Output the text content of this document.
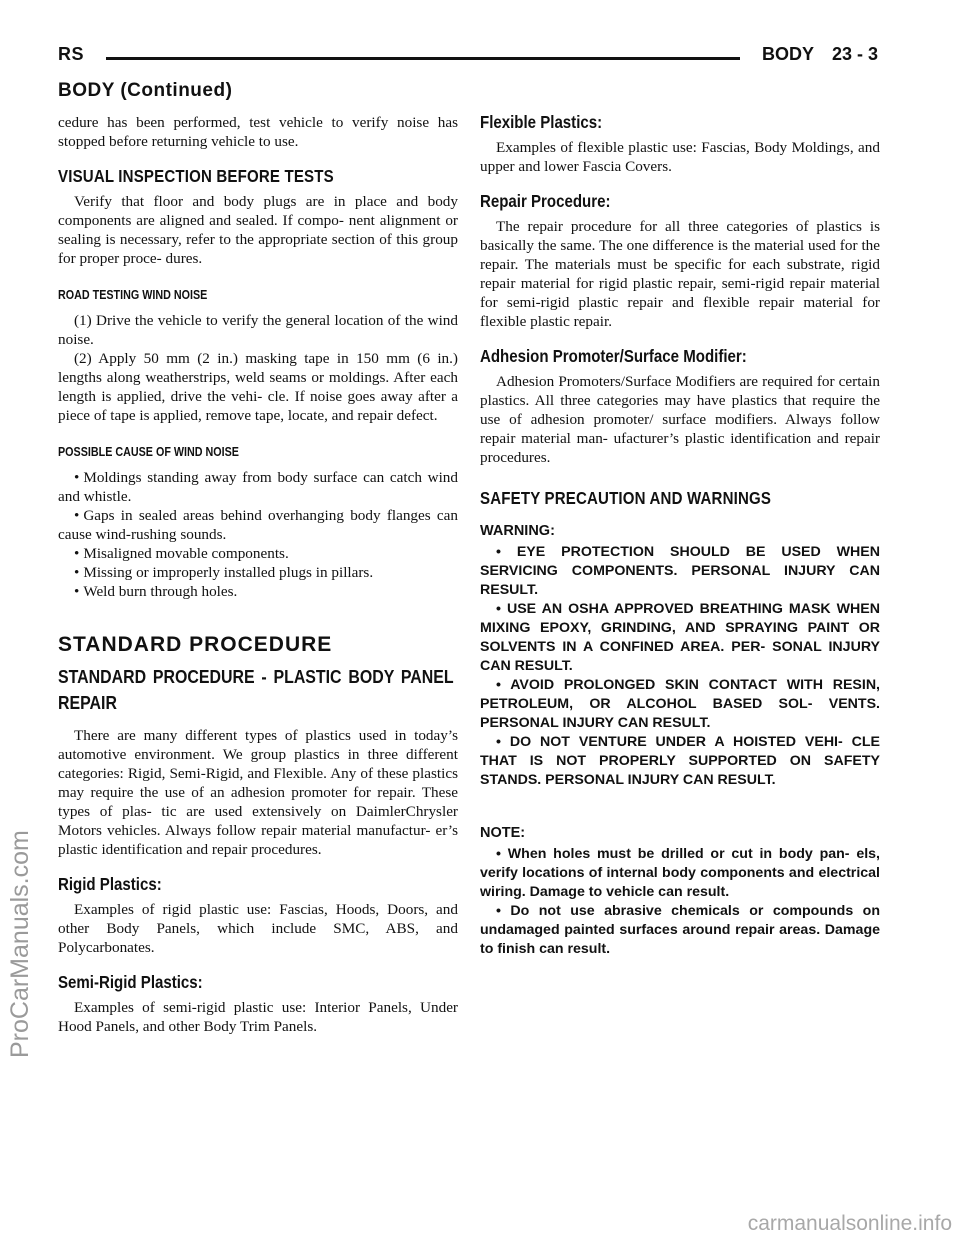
RS	BODY 23 - 3
BODY (Continued)

cedure has been performed, test vehicle to verify noise has stopped before returning vehicle to use.

VISUAL INSPECTION BEFORE TESTS

Verify that floor and body plugs are in place and body components are aligned and sealed. If compo- nent alignment or sealing is necessary, refer to the appropriate section of this group for proper proce- dures.

ROAD TESTING WIND NOISE

(1) Drive the vehicle to verify the general location of the wind noise.

(2) Apply 50 mm (2 in.) masking tape in 150 mm (6 in.) lengths along weatherstrips, weld seams or moldings. After each length is applied, drive the vehi- cle. If noise goes away after a piece of tape is applied, remove tape, locate, and repair defect.

POSSIBLE CAUSE OF WIND NOISE

• Moldings standing away from body surface can catch wind and whistle.

• Gaps in sealed areas behind overhanging body flanges can cause wind-rushing sounds.

• Misaligned movable components.

• Missing or improperly installed plugs in pillars.

• Weld burn through holes.

STANDARD PROCEDURE
STANDARD PROCEDURE - PLASTIC BODY PANEL REPAIR

There are many different types of plastics used in today’s automotive environment. We group plastics in three different categories: Rigid, Semi-Rigid, and Flexible. Any of these plastics may require the use of an adhesion promoter for repair. These types of plas- tic are used extensively on DaimlerChrysler Motors vehicles. Always follow repair material manufactur- er’s plastic identification and repair procedures.

Rigid Plastics:

Examples of rigid plastic use: Fascias, Hoods, Doors, and other Body Panels, which include SMC, ABS, and Polycarbonates.

Semi-Rigid Plastics:

Examples of semi-rigid plastic use: Interior Panels, Under Hood Panels, and other Body Trim Panels.

Flexible Plastics:

Examples of flexible plastic use: Fascias, Body Moldings, and upper and lower Fascia Covers.

Repair Procedure:

The repair procedure for all three categories of plastics is basically the same. The one difference is the material used for the repair. The materials must be specific for each substrate, rigid repair material for rigid plastic repair, semi-rigid repair material for semi-rigid plastic repair and flexible repair material for flexible plastic repair.

Adhesion Promoter/Surface Modifier:

Adhesion Promoters/Surface Modifiers are required for certain plastics. All three categories may have plastics that require the use of adhesion promoter/ surface modifiers. Always follow repair material man- ufacturer’s plastic identification and repair procedures.

SAFETY PRECAUTION AND WARNINGS
WARNING:

• EYE PROTECTION SHOULD BE USED WHEN SERVICING COMPONENTS. PERSONAL INJURY CAN RESULT.

• USE AN OSHA APPROVED BREATHING MASK WHEN MIXING EPOXY, GRINDING, AND SPRAYING PAINT OR SOLVENTS IN A CONFINED AREA. PER- SONAL INJURY CAN RESULT.

• AVOID PROLONGED SKIN CONTACT WITH RESIN, PETROLEUM, OR ALCOHOL BASED SOL- VENTS. PERSONAL INJURY CAN RESULT.

• DO NOT VENTURE UNDER A HOISTED VEHI- CLE THAT IS NOT PROPERLY SUPPORTED ON SAFETY STANDS. PERSONAL INJURY CAN RESULT.

NOTE:

• When holes must be drilled or cut in body pan- els, verify locations of internal body components and electrical wiring. Damage to vehicle can result.

• Do not use abrasive chemicals or compounds on undamaged painted surfaces around repair areas. Damage to finish can result.

ProCarManuals.com
carmanualsonline.info
